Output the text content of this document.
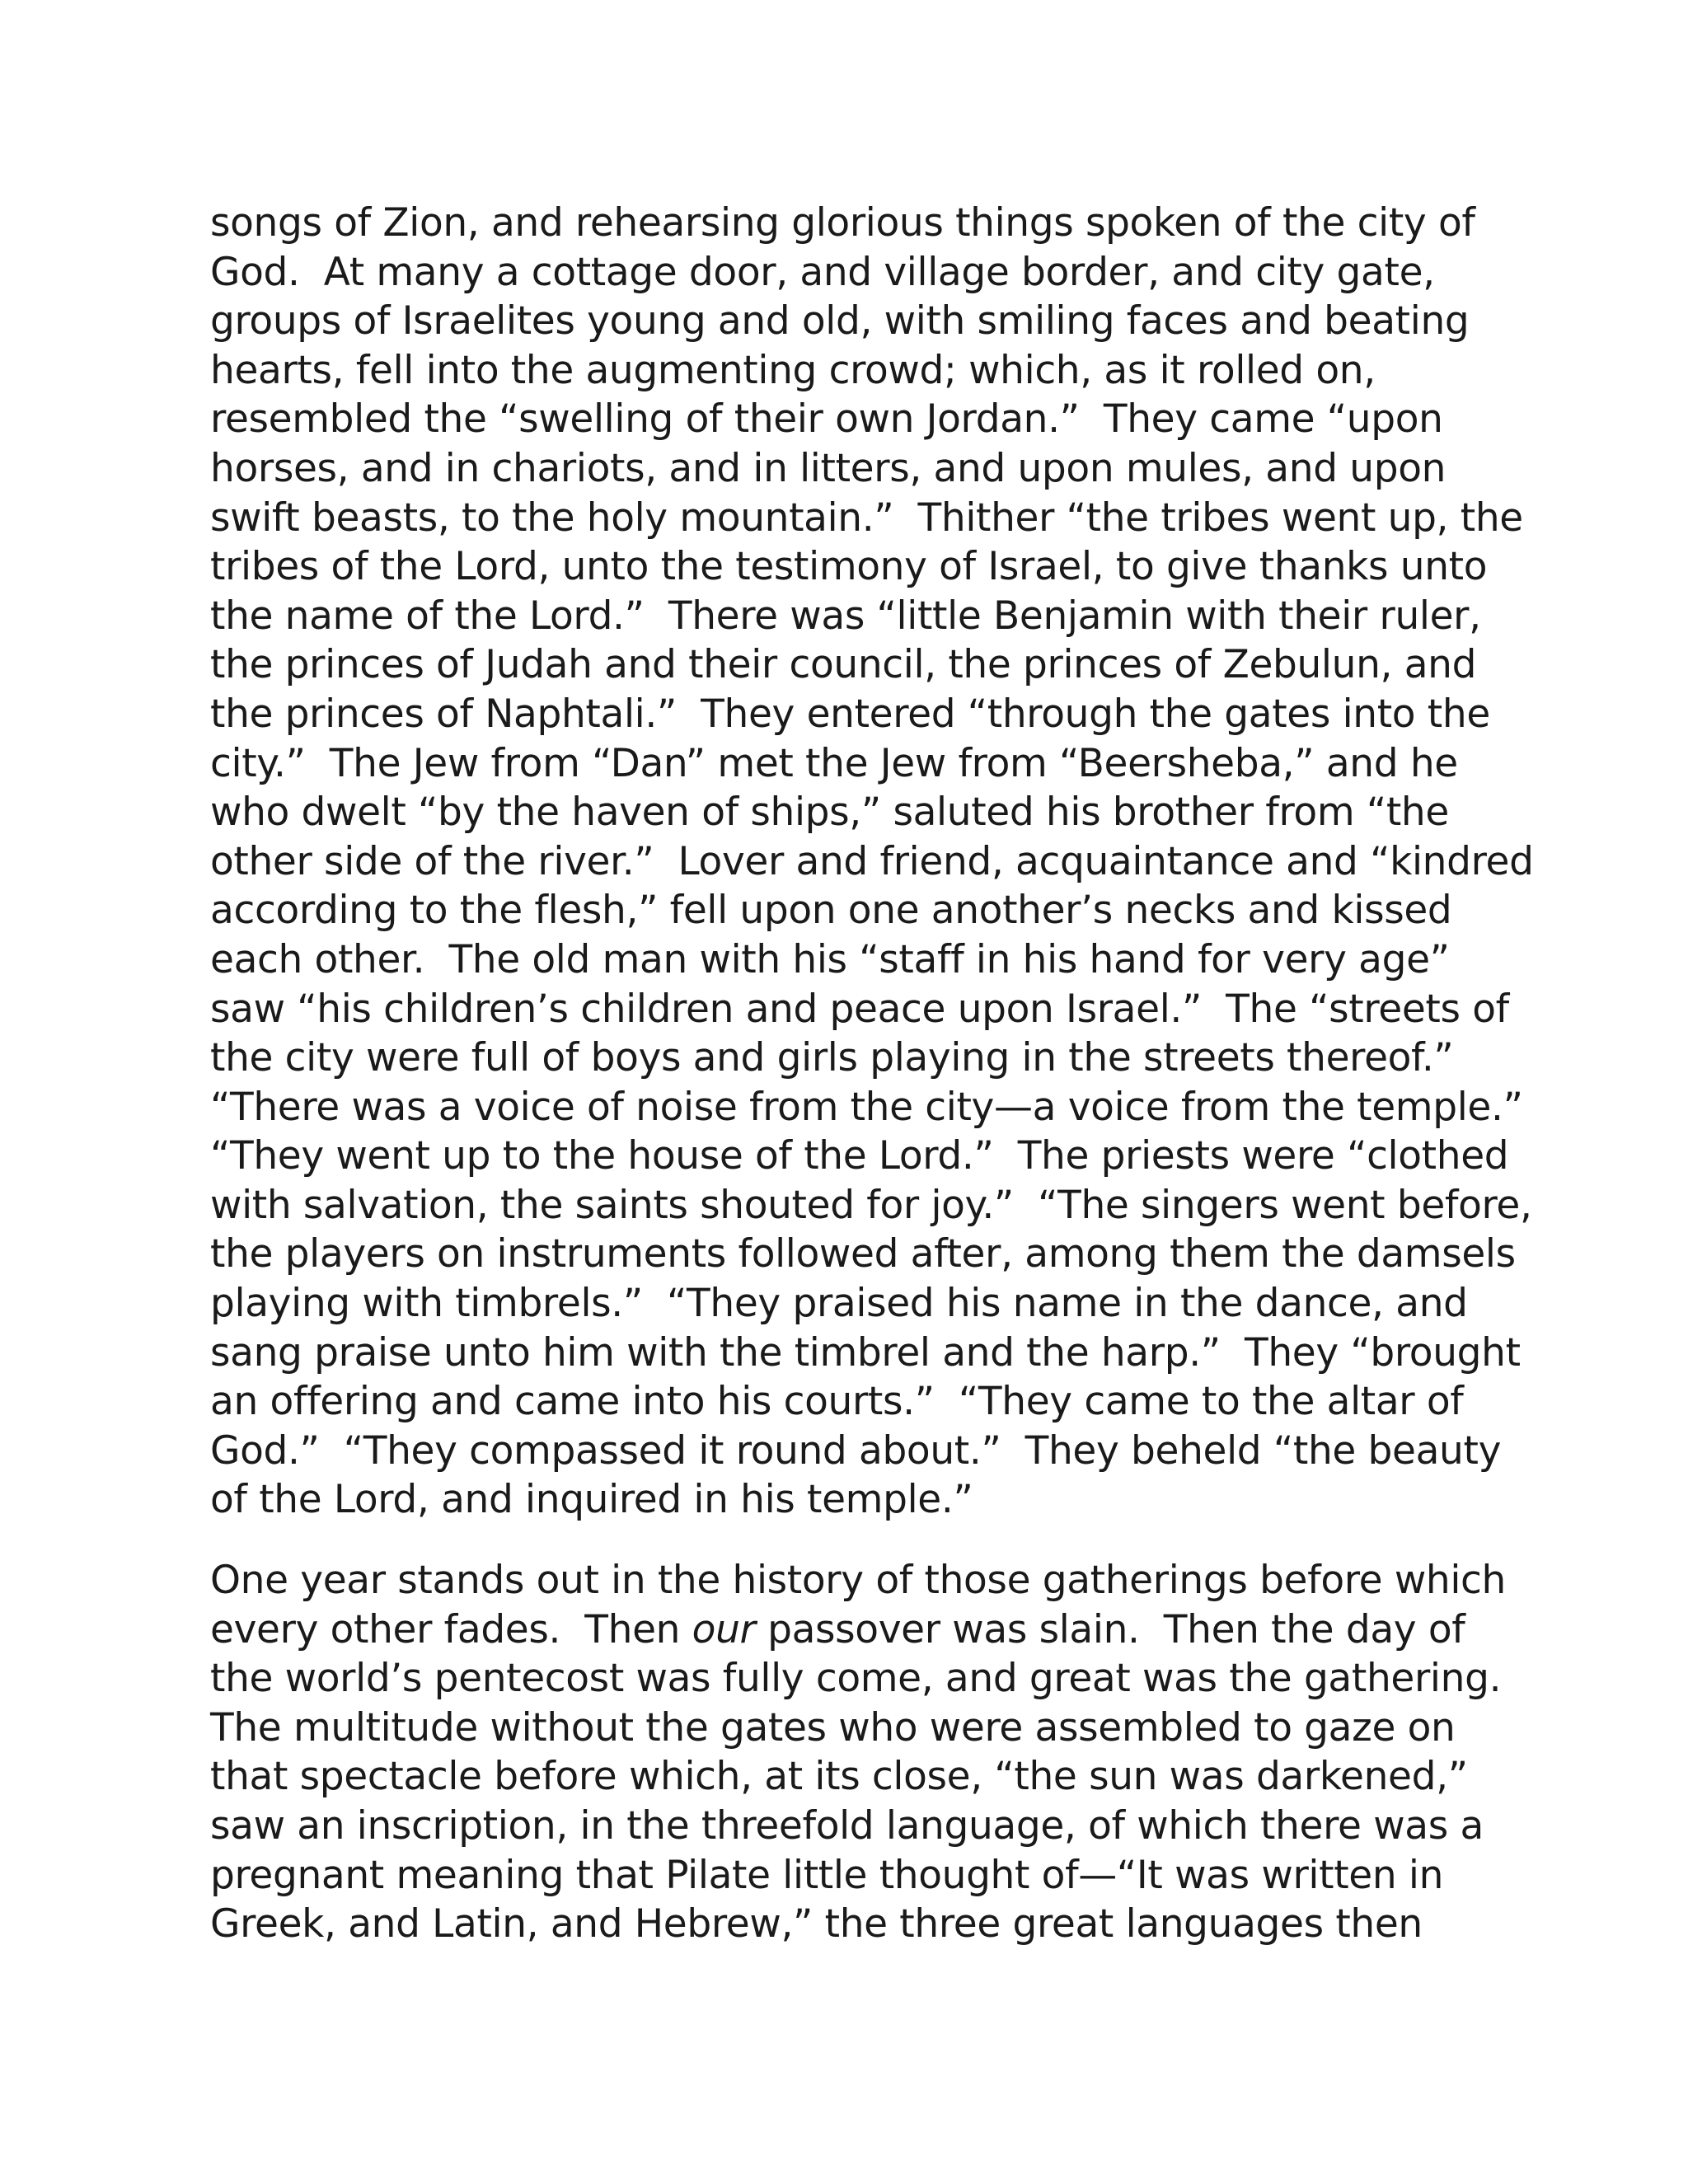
songs of Zion, and rehearsing glorious things spoken of the city of
God.  At many a cottage door, and village border, and city gate,
groups of Israelites young and old, with smiling faces and beating
hearts, fell into the augmenting crowd; which, as it rolled on,
resembled the “swelling of their own Jordan.”  They came “upon
horses, and in chariots, and in litters, and upon mules, and upon
swift beasts, to the holy mountain.”  Thither “the tribes went up, the
tribes of the Lord, unto the testimony of Israel, to give thanks unto
the name of the Lord.”  There was “little Benjamin with their ruler,
the princes of Judah and their council, the princes of Zebulun, and
the princes of Naphtali.”  They entered “through the gates into the
city.”  The Jew from “Dan” met the Jew from “Beersheba,” and he
who dwelt “by the haven of ships,” saluted his brother from “the
other side of the river.”  Lover and friend, acquaintance and “kindred
according to the flesh,” fell upon one another’s necks and kissed
each other.  The old man with his “staff in his hand for very age”
saw “his children’s children and peace upon Israel.”  The “streets of
the city were full of boys and girls playing in the streets thereof.”
“There was a voice of noise from the city—a voice from the temple.”
“They went up to the house of the Lord.”  The priests were “clothed
with salvation, the saints shouted for joy.”  “The singers went before,
the players on instruments followed after, among them the damsels
playing with timbrels.”  “They praised his name in the dance, and
sang praise unto him with the timbrel and the harp.”  They “brought
an offering and came into his courts.”  “They came to the altar of
God.”  “They compassed it round about.”  They beheld “the beauty
of the Lord, and inquired in his temple.”
One year stands out in the history of those gatherings before which
every other fades.  Then our passover was slain.  Then the day of
the world’s pentecost was fully come, and great was the gathering.
The multitude without the gates who were assembled to gaze on
that spectacle before which, at its close, “the sun was darkened,”
saw an inscription, in the threefold language, of which there was a
pregnant meaning that Pilate little thought of—“It was written in
Greek, and Latin, and Hebrew,” the three great languages then
